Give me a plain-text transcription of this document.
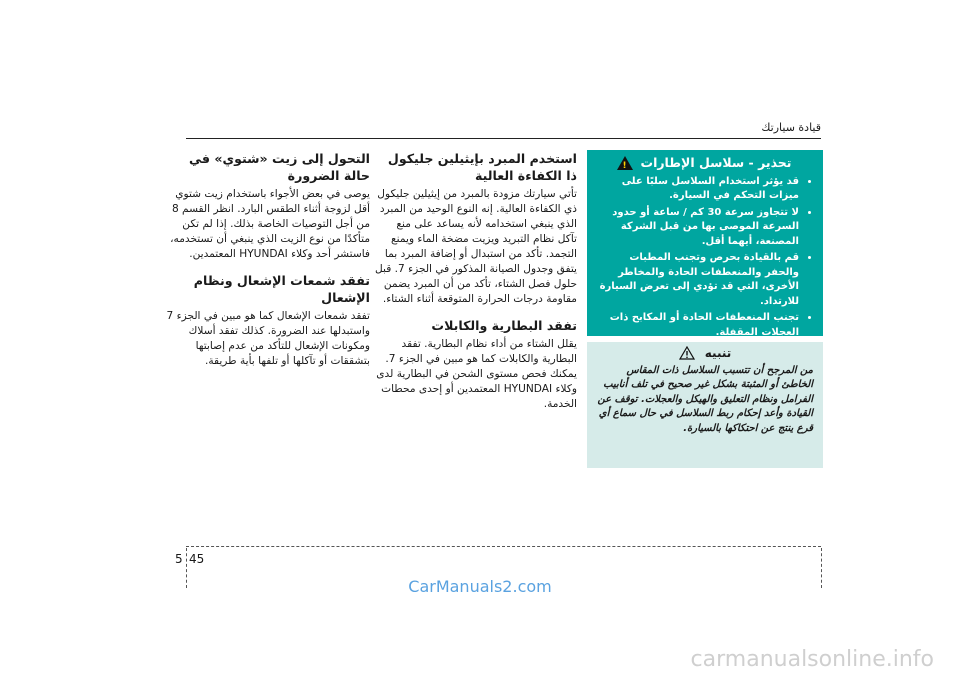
قيادة سيارتك
تحذير - سلاسل الإطارات
!
• قد يؤثر استخدام السلاسل سلبًا على ميزات التحكم في السيارة.
• لا تتجاوز سرعة 30 كم / ساعة أو حدود السرعة الموصى بها من قبل الشركة المصنعة، أيهما أقل.
• قم بالقيادة بحرص وتجنب المطبات والحفر والمنعطفات الحادة والمخاطر الأخرى، التي قد تؤدي إلى تعرض السيارة للارتداد.
• تجنب المنعطفات الحادة أو المكابح ذات العجلات المقفلة.
تنبيه
من المرجح أن تتسبب السلاسل ذات المقاس الخاطئ أو المثبتة بشكل غير صحيح في تلف أنابيب الفرامل ونظام التعليق والهيكل والعجلات. توقف عن القيادة وأعد إحكام ربط السلاسل في حال سماع أي قرع ينتج عن احتكاكها بالسيارة.
استخدم المبرد بإيثيلين جليكول ذا الكفاءة العالية

تأتي سيارتك مزودة بالمبرد من إيثيلين جليكول ذي الكفاءة العالية. إنه النوع الوحيد من المبرد الذي ينبغي استخدامه لأنه يساعد على منع تآكل نظام التبريد ويزيت مضخة الماء ويمنع التجمد. تأكد من استبدال أو إضافة المبرد بما يتفق وجدول الصيانة المذكور في الجزء 7. قبل حلول فصل الشتاء، تأكد من أن المبرد يضمن مقاومة درجات الحرارة المتوقعة أثناء الشتاء.

تفقد البطارية والكابلات

يقلل الشتاء من أداء نظام البطارية. تفقد البطارية والكابلات كما هو مبين في الجزء 7. يمكنك فحص مستوى الشحن في البطارية لدى وكلاء HYUNDAI المعتمدين أو إحدى محطات الخدمة.

التحول إلى زيت «شتوي» في حالة الضرورة

يوصى في بعض الأجواء باستخدام زيت شتوي أقل لزوجة أثناء الطقس البارد. انظر القسم 8 من أجل التوصيات الخاصة بذلك. إذا لم تكن متأكدًا من نوع الزيت الذي ينبغي أن تستخدمه، فاستشر أحد وكلاء HYUNDAI المعتمدين.

تفقد شمعات الإشعال ونظام الإشعال

تفقد شمعات الإشعال كما هو مبين في الجزء 7 واستبدلها عند الضرورة. كذلك تفقد أسلاك ومكونات الإشعال للتأكد من عدم إصابتها بتشققات أو تآكلها أو تلفها بأية طريقة.

5 45
CarManuals2.com
carmanualsonline.info
